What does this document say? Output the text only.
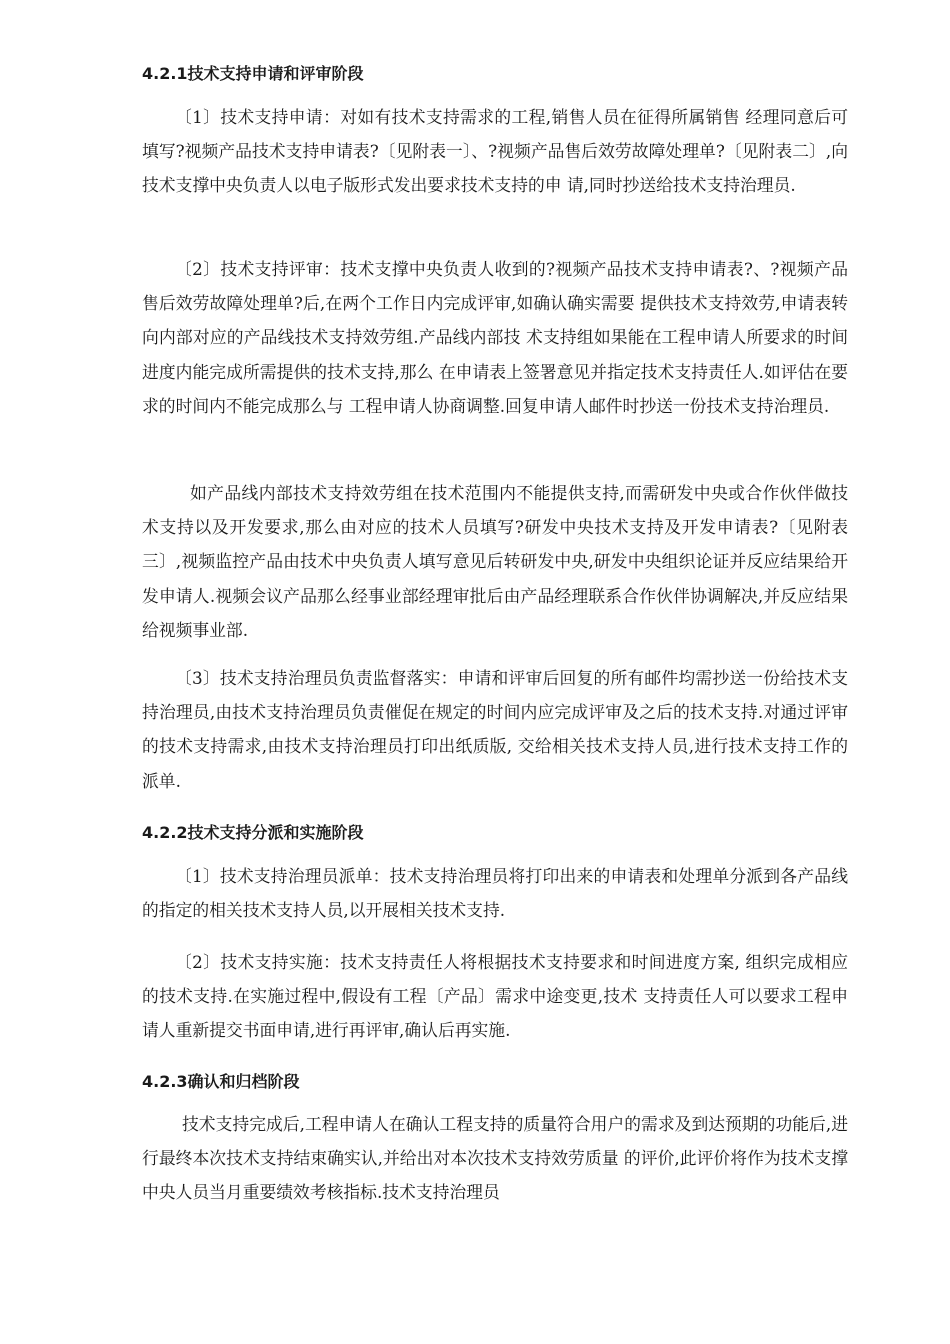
4.2.1技术支持申请和评审阶段

〔1〕技术支持申请：对如有技术支持需求的工程,销售人员在征得所属销售 经理同意后可填写?视频产品技术支持申请表?〔见附表一〕、?视频产品售后效劳故障处理单?〔见附表二〕,向技术支撑中央负责人以电子版形式发出要求技术支持的申 请,同时抄送给技术支持治理员.

〔2〕技术支持评审：技术支撑中央负责人收到的?视频产品技术支持申请表?、?视频产品售后效劳故障处理单?后,在两个工作日内完成评审,如确认确实需要 提供技术支持效劳,申请表转向内部对应的产品线技术支持效劳组.产品线内部技 术支持组如果能在工程申请人所要求的时间进度内能完成所需提供的技术支持,那么 在申请表上签署意见并指定技术支持责任人.如评估在要求的时间内不能完成那么与 工程申请人协商调整.回复申请人邮件时抄送一份技术支持治理员.

如产品线内部技术支持效劳组在技术范围内不能提供支持,而需研发中央或合作伙伴做技术支持以及开发要求,那么由对应的技术人员填写?研发中央技术支持及开发申请表?〔见附表三〕,视频监控产品由技术中央负责人填写意见后转研发中央,研发中央组织论证并反应结果给开发申请人.视频会议产品那么经事业部经理审批后由产品经理联系合作伙伴协调解决,并反应结果给视频事业部.

〔3〕技术支持治理员负责监督落实：申请和评审后回复的所有邮件均需抄送一份给技术支持治理员,由技术支持治理员负责催促在规定的时间内应完成评审及之后的技术支持.对通过评审的技术支持需求,由技术支持治理员打印出纸质版, 交给相关技术支持人员,进行技术支持工作的派单.

4.2.2技术支持分派和实施阶段

〔1〕技术支持治理员派单：技术支持治理员将打印出来的申请表和处理单分派到各产品线的指定的相关技术支持人员,以开展相关技术支持.

〔2〕技术支持实施：技术支持责任人将根据技术支持要求和时间进度方案, 组织完成相应的技术支持.在实施过程中,假设有工程〔产品〕需求中途变更,技术 支持责任人可以要求工程申请人重新提交书面申请,进行再评审,确认后再实施.

4.2.3确认和归档阶段

技术支持完成后,工程申请人在确认工程支持的质量符合用户的需求及到达预期的功能后,进行最终本次技术支持结束确实认,并给出对本次技术支持效劳质量 的评价,此评价将作为技术支撑中央人员当月重要绩效考核指标.技术支持治理员
